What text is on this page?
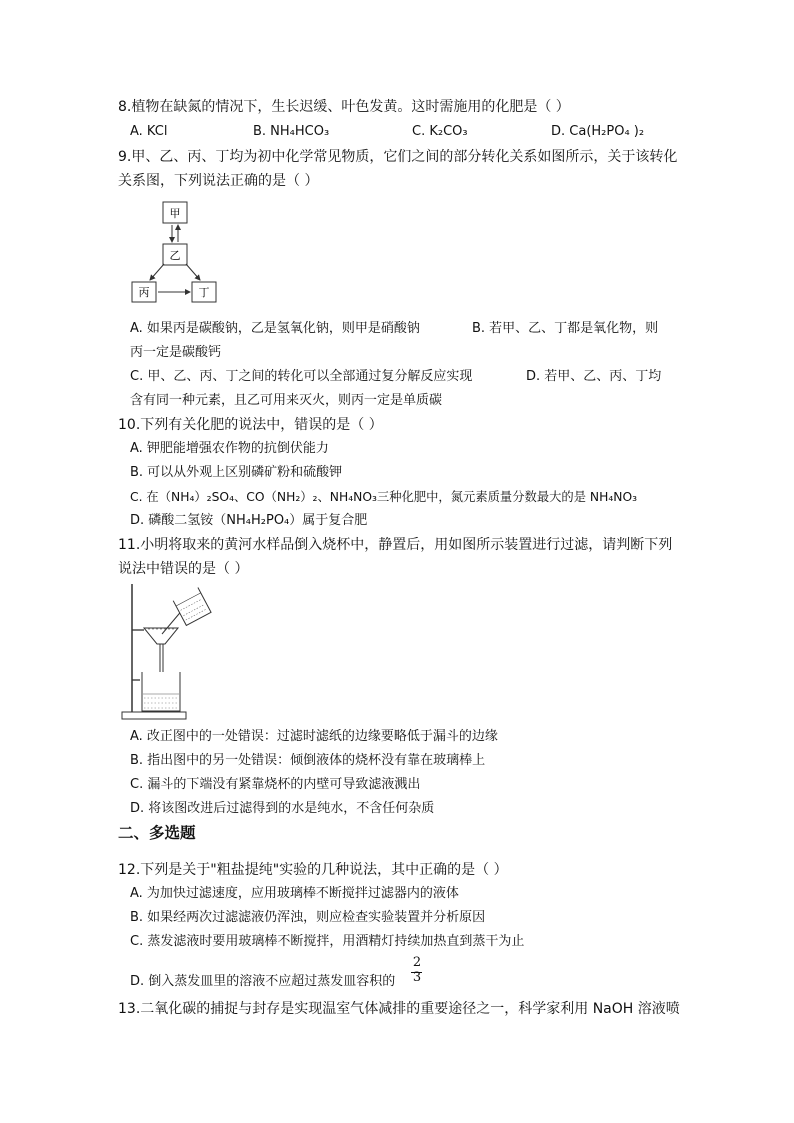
8.植物在缺氮的情况下，生长迟缓、叶色发黄。这时需施用的化肥是（ ）
A. KCl	B. NH₄HCO₃	C. K₂CO₃	D. Ca(H₂PO₄ )₂
9.甲、乙、丙、丁均为初中化学常见物质，它们之间的部分转化关系如图所示，关于该转化
关系图，下列说法正确的是（ ）
甲
乙
丙	丁
A. 如果丙是碳酸钠，乙是氢氧化钠，则甲是硝酸钠	B. 若甲、乙、丁都是氧化物，则
丙一定是碳酸钙
C. 甲、乙、丙、丁之间的转化可以全部通过复分解反应实现	D. 若甲、乙、丙、丁均
含有同一种元素，且乙可用来灭火，则丙一定是单质碳
10.下列有关化肥的说法中，错误的是（ ）
A. 钾肥能增强农作物的抗倒伏能力
B. 可以从外观上区别磷矿粉和硫酸钾
C. 在（NH₄）₂SO₄、CO（NH₂）₂、NH₄NO₃三种化肥中，氮元素质量分数最大的是 NH₄NO₃
D. 磷酸二氢铵（NH₄H₂PO₄）属于复合肥
11.小明将取来的黄河水样品倒入烧杯中，静置后，用如图所示装置进行过滤，请判断下列
说法中错误的是（ ）
A. 改正图中的一处错误：过滤时滤纸的边缘要略低于漏斗的边缘
B. 指出图中的另一处错误：倾倒液体的烧杯没有靠在玻璃棒上
C. 漏斗的下端没有紧靠烧杯的内壁可导致滤液溅出
D. 将该图改进后过滤得到的水是纯水，不含任何杂质
二、多选题
12.下列是关于"粗盐提纯"实验的几种说法，其中正确的是（ ）
A. 为加快过滤速度，应用玻璃棒不断搅拌过滤器内的液体
B. 如果经两次过滤滤液仍浑浊，则应检查实验装置并分析原因
C. 蒸发滤液时要用玻璃棒不断搅拌，用酒精灯持续加热直到蒸干为止
D. 倒入蒸发皿里的溶液不应超过蒸发皿容积的
2
3
13.二氧化碳的捕捉与封存是实现温室气体减排的重要途径之一，科学家利用 NaOH 溶液喷
